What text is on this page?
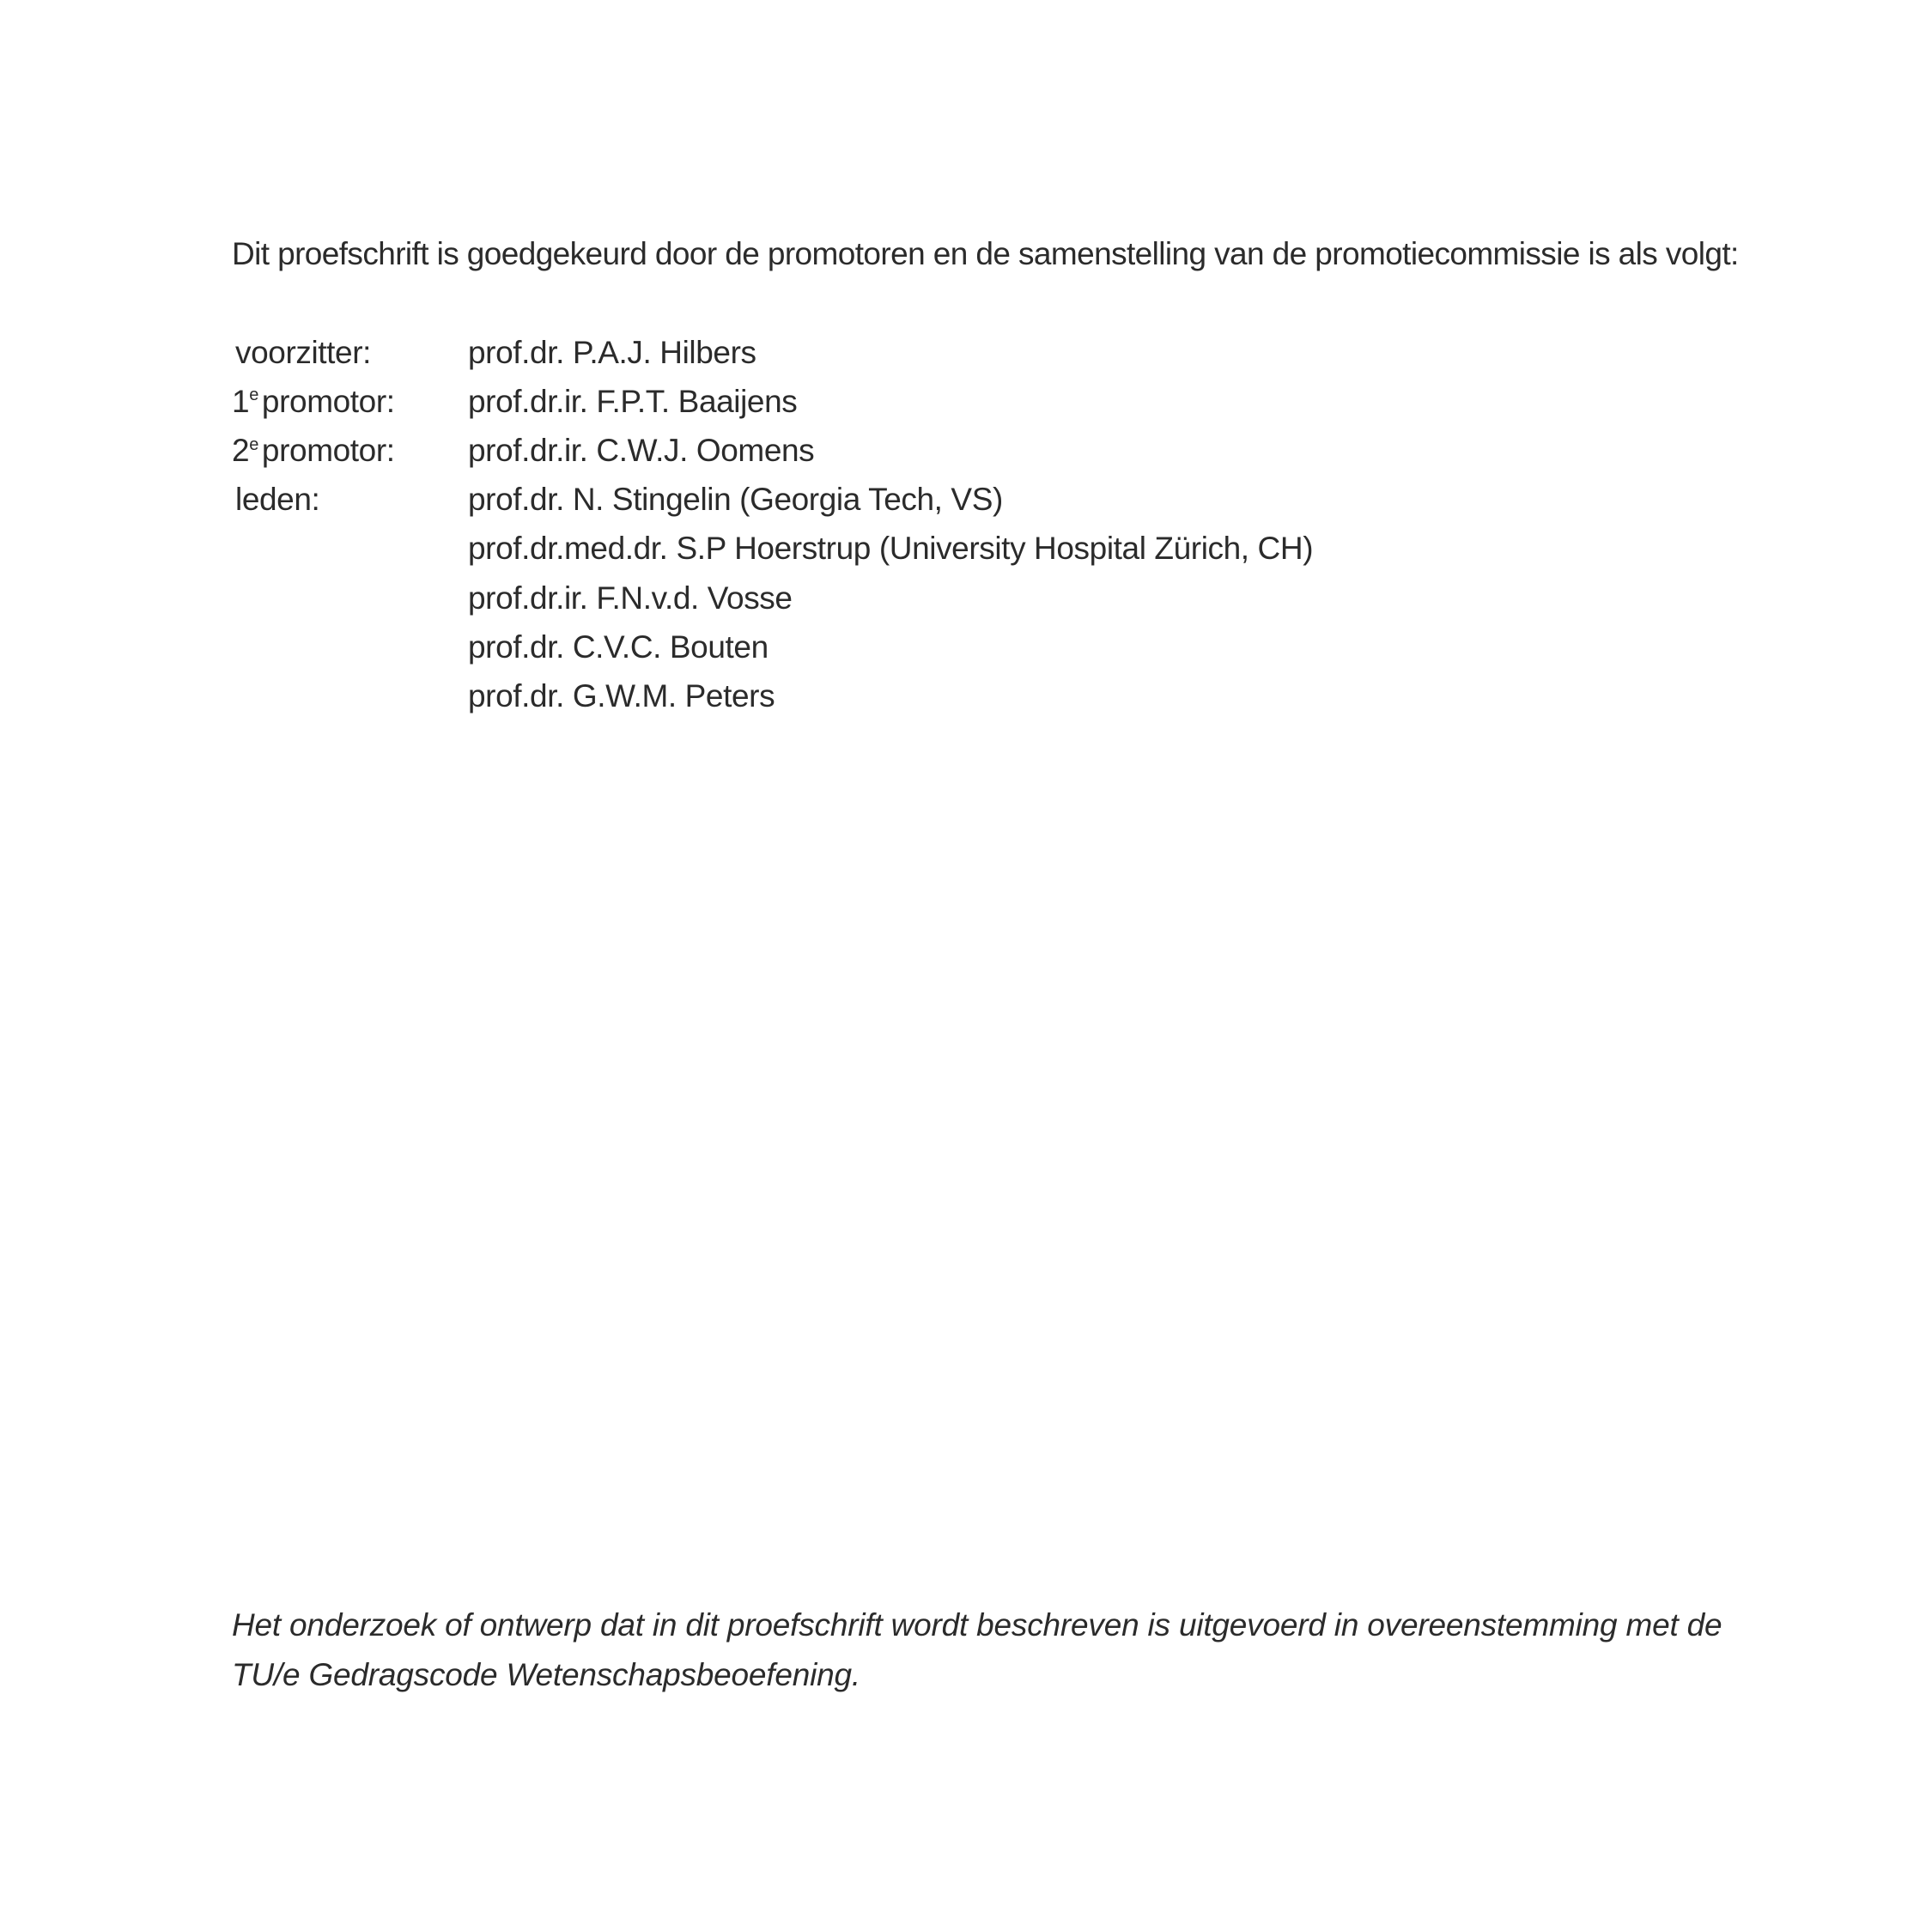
Dit proefschrift is goedgekeurd door de promotoren en de samenstelling van de promotiecommissie is als volgt:

voorzitter:	prof.dr. P.A.J. Hilbers
1e promotor:	prof.dr.ir. F.P.T. Baaijens
2e promotor:	prof.dr.ir. C.W.J. Oomens
leden:	prof.dr. N. Stingelin (Georgia Tech, VS)
prof.dr.med.dr. S.P Hoerstrup (University Hospital Zürich, CH)
prof.dr.ir. F.N.v.d. Vosse
prof.dr. C.V.C. Bouten
prof.dr. G.W.M. Peters

Het onderzoek of ontwerp dat in dit proefschrift wordt beschreven is uitgevoerd in overeenstemming met de TU/e Gedragscode Wetenschapsbeoefening.
